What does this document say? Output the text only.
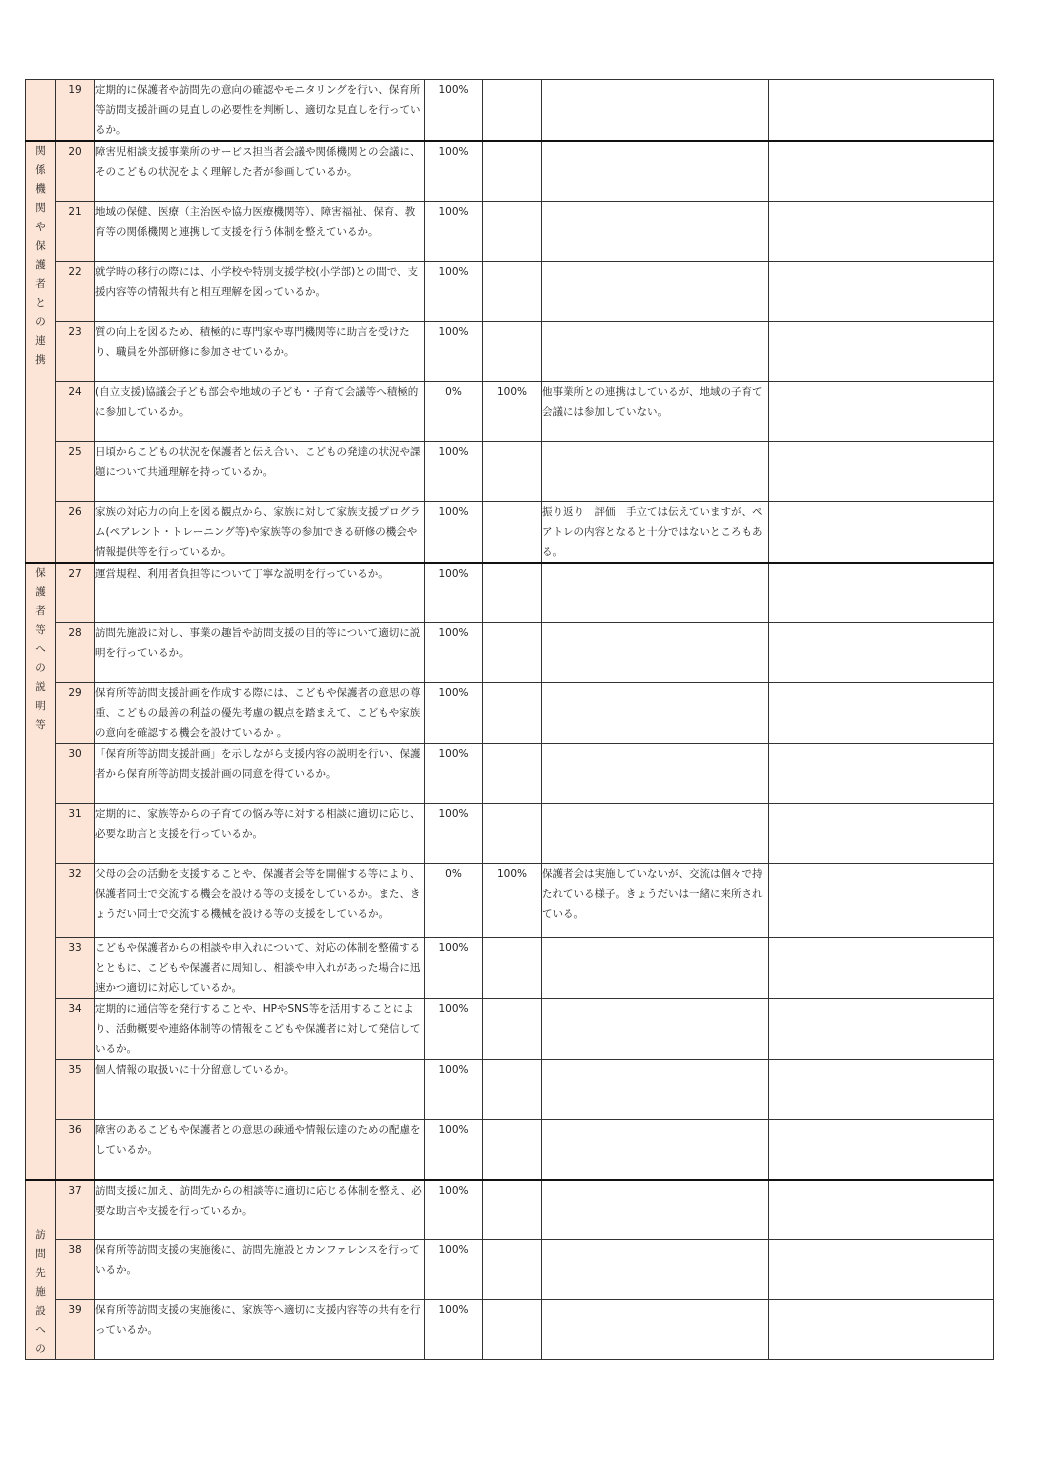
	19	定期的に保護者や訪問先の意向の確認やモニタリングを行い、保育所等訪問支援計画の見直しの必要性を判断し、適切な見直しを行っているか。	100%			
関係機関や保護者との連携	20	障害児相談支援事業所のサービス担当者会議や関係機関との会議に、そのこどもの状況をよく理解した者が参画しているか。	100%			
	21	地域の保健、医療（主治医や協力医療機関等）、障害福祉、保育、教育等の関係機関と連携して支援を行う体制を整えているか。	100%			
	22	就学時の移行の際には、小学校や特別支援学校(小学部)との間で、支援内容等の情報共有と相互理解を図っているか。	100%			
	23	質の向上を図るため、積極的に専門家や専門機関等に助言を受けたり、職員を外部研修に参加させているか。	100%			
	24	(自立支援)協議会子ども部会や地域の子ども・子育て会議等へ積極的に参加しているか。	0%	100%	他事業所との連携はしているが、地域の子育て会議には参加していない。	
	25	日頃からこどもの状況を保護者と伝え合い、こどもの発達の状況や課題について共通理解を持っているか。	100%			
	26	家族の対応力の向上を図る観点から、家族に対して家族支援プログラム(ペアレント・トレーニング等)や家族等の参加できる研修の機会や情報提供等を行っているか。	100%		振り返り　評価　手立ては伝えていますが、ペアトレの内容となると十分ではないところもある。	
保護者等への説明等	27	運営規程、利用者負担等について丁寧な説明を行っているか。	100%			
	28	訪問先施設に対し、事業の趣旨や訪問支援の目的等について適切に説明を行っているか。	100%			
	29	保育所等訪問支援計画を作成する際には、こどもや保護者の意思の尊重、こどもの最善の利益の優先考慮の観点を踏まえて、こどもや家族の意向を確認する機会を設けているか 。	100%			
	30	「保育所等訪問支援計画」を示しながら支援内容の説明を行い、保護者から保育所等訪問支援計画の同意を得ているか。	100%			
	31	定期的に、家族等からの子育ての悩み等に対する相談に適切に応じ、必要な助言と支援を行っているか。	100%			
	32	父母の会の活動を支援することや、保護者会等を開催する等により、保護者同士で交流する機会を設ける等の支援をしているか。また、きょうだい同士で交流する機械を設ける等の支援をしているか。	0%	100%	保護者会は実施していないが、交流は個々で持たれている様子。きょうだいは一緒に来所されている。	
	33	こどもや保護者からの相談や申入れについて、対応の体制を整備するとともに、こどもや保護者に周知し、相談や申入れがあった場合に迅速かつ適切に対応しているか。	100%			
	34	定期的に通信等を発行することや、HPやSNS等を活用することにより、活動概要や連絡体制等の情報をこどもや保護者に対して発信しているか。	100%			
	35	個人情報の取扱いに十分留意しているか。	100%			
	36	障害のあるこどもや保護者との意思の疎通や情報伝達のための配慮をしているか。	100%			
訪問先施設への	37	訪問支援に加え、訪問先からの相談等に適切に応じる体制を整え、必要な助言や支援を行っているか。	100%			
	38	保育所等訪問支援の実施後に、訪問先施設とカンファレンスを行っているか。	100%			
	39	保育所等訪問支援の実施後に、家族等へ適切に支援内容等の共有を行っているか。	100%			
